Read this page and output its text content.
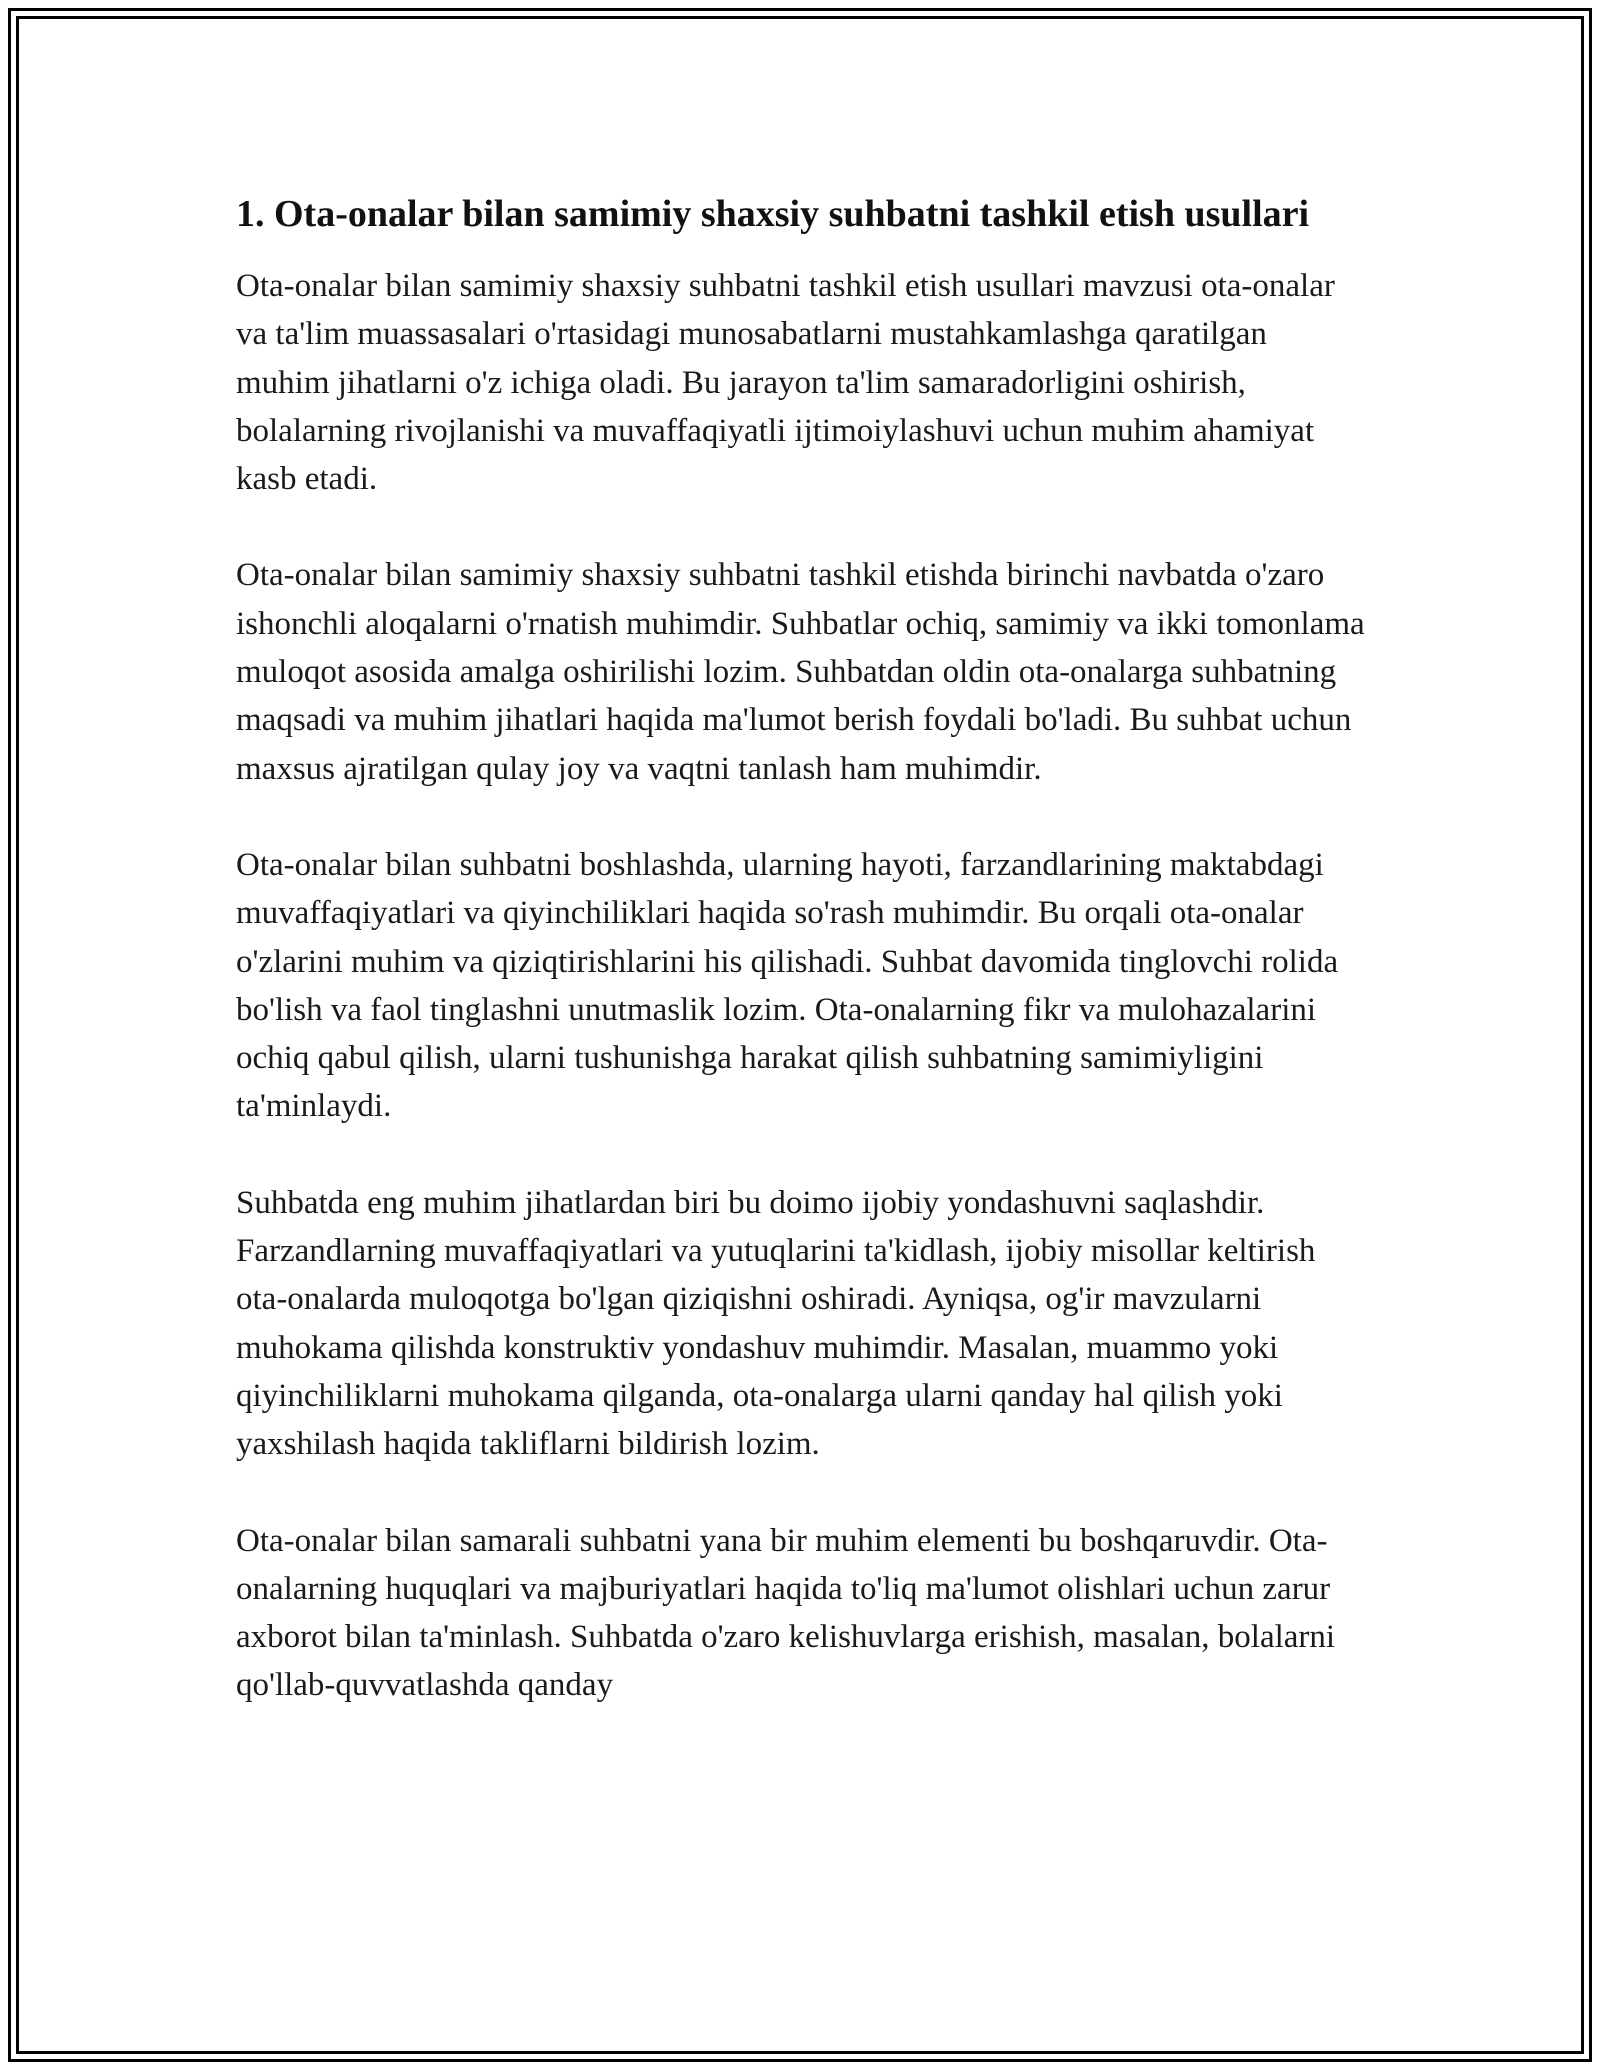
1. Ota-onalar bilan samimiy shaxsiy suhbatni tashkil etish usullari

Ota-onalar bilan samimiy shaxsiy suhbatni tashkil etish usullari mavzusi ota-onalar va ta'lim muassasalari o'rtasidagi munosabatlarni mustahkamlashga qaratilgan muhim jihatlarni o'z ichiga oladi. Bu jarayon ta'lim samaradorligini oshirish, bolalarning rivojlanishi va muvaffaqiyatli ijtimoiylashuvi uchun muhim ahamiyat kasb etadi.

Ota-onalar bilan samimiy shaxsiy suhbatni tashkil etishda birinchi navbatda o'zaro ishonchli aloqalarni o'rnatish muhimdir. Suhbatlar ochiq, samimiy va ikki tomonlama muloqot asosida amalga oshirilishi lozim. Suhbatdan oldin ota-onalarga suhbatning maqsadi va muhim jihatlari haqida ma'lumot berish foydali bo'ladi. Bu suhbat uchun maxsus ajratilgan qulay joy va vaqtni tanlash ham muhimdir.

Ota-onalar bilan suhbatni boshlashda, ularning hayoti, farzandlarining maktabdagi muvaffaqiyatlari va qiyinchiliklari haqida so'rash muhimdir. Bu orqali ota-onalar o'zlarini muhim va qiziqtirishlarini his qilishadi. Suhbat davomida tinglovchi rolida bo'lish va faol tinglashni unutmaslik lozim. Ota-onalarning fikr va mulohazalarini ochiq qabul qilish, ularni tushunishga harakat qilish suhbatning samimiyligini ta'minlaydi.

Suhbatda eng muhim jihatlardan biri bu doimo ijobiy yondashuvni saqlashdir. Farzandlarning muvaffaqiyatlari va yutuqlarini ta'kidlash, ijobiy misollar keltirish ota-onalarda muloqotga bo'lgan qiziqishni oshiradi. Ayniqsa, og'ir mavzularni muhokama qilishda konstruktiv yondashuv muhimdir. Masalan, muammo yoki qiyinchiliklarni muhokama qilganda, ota-onalarga ularni qanday hal qilish yoki yaxshilash haqida takliflarni bildirish lozim.

Ota-onalar bilan samarali suhbatni yana bir muhim elementi bu boshqaruvdir. Ota-onalarning huquqlari va majburiyatlari haqida to'liq ma'lumot olishlari uchun zarur axborot bilan ta'minlash. Suhbatda o'zaro kelishuvlarga erishish, masalan, bolalarni qo'llab-quvvatlashda qanday
